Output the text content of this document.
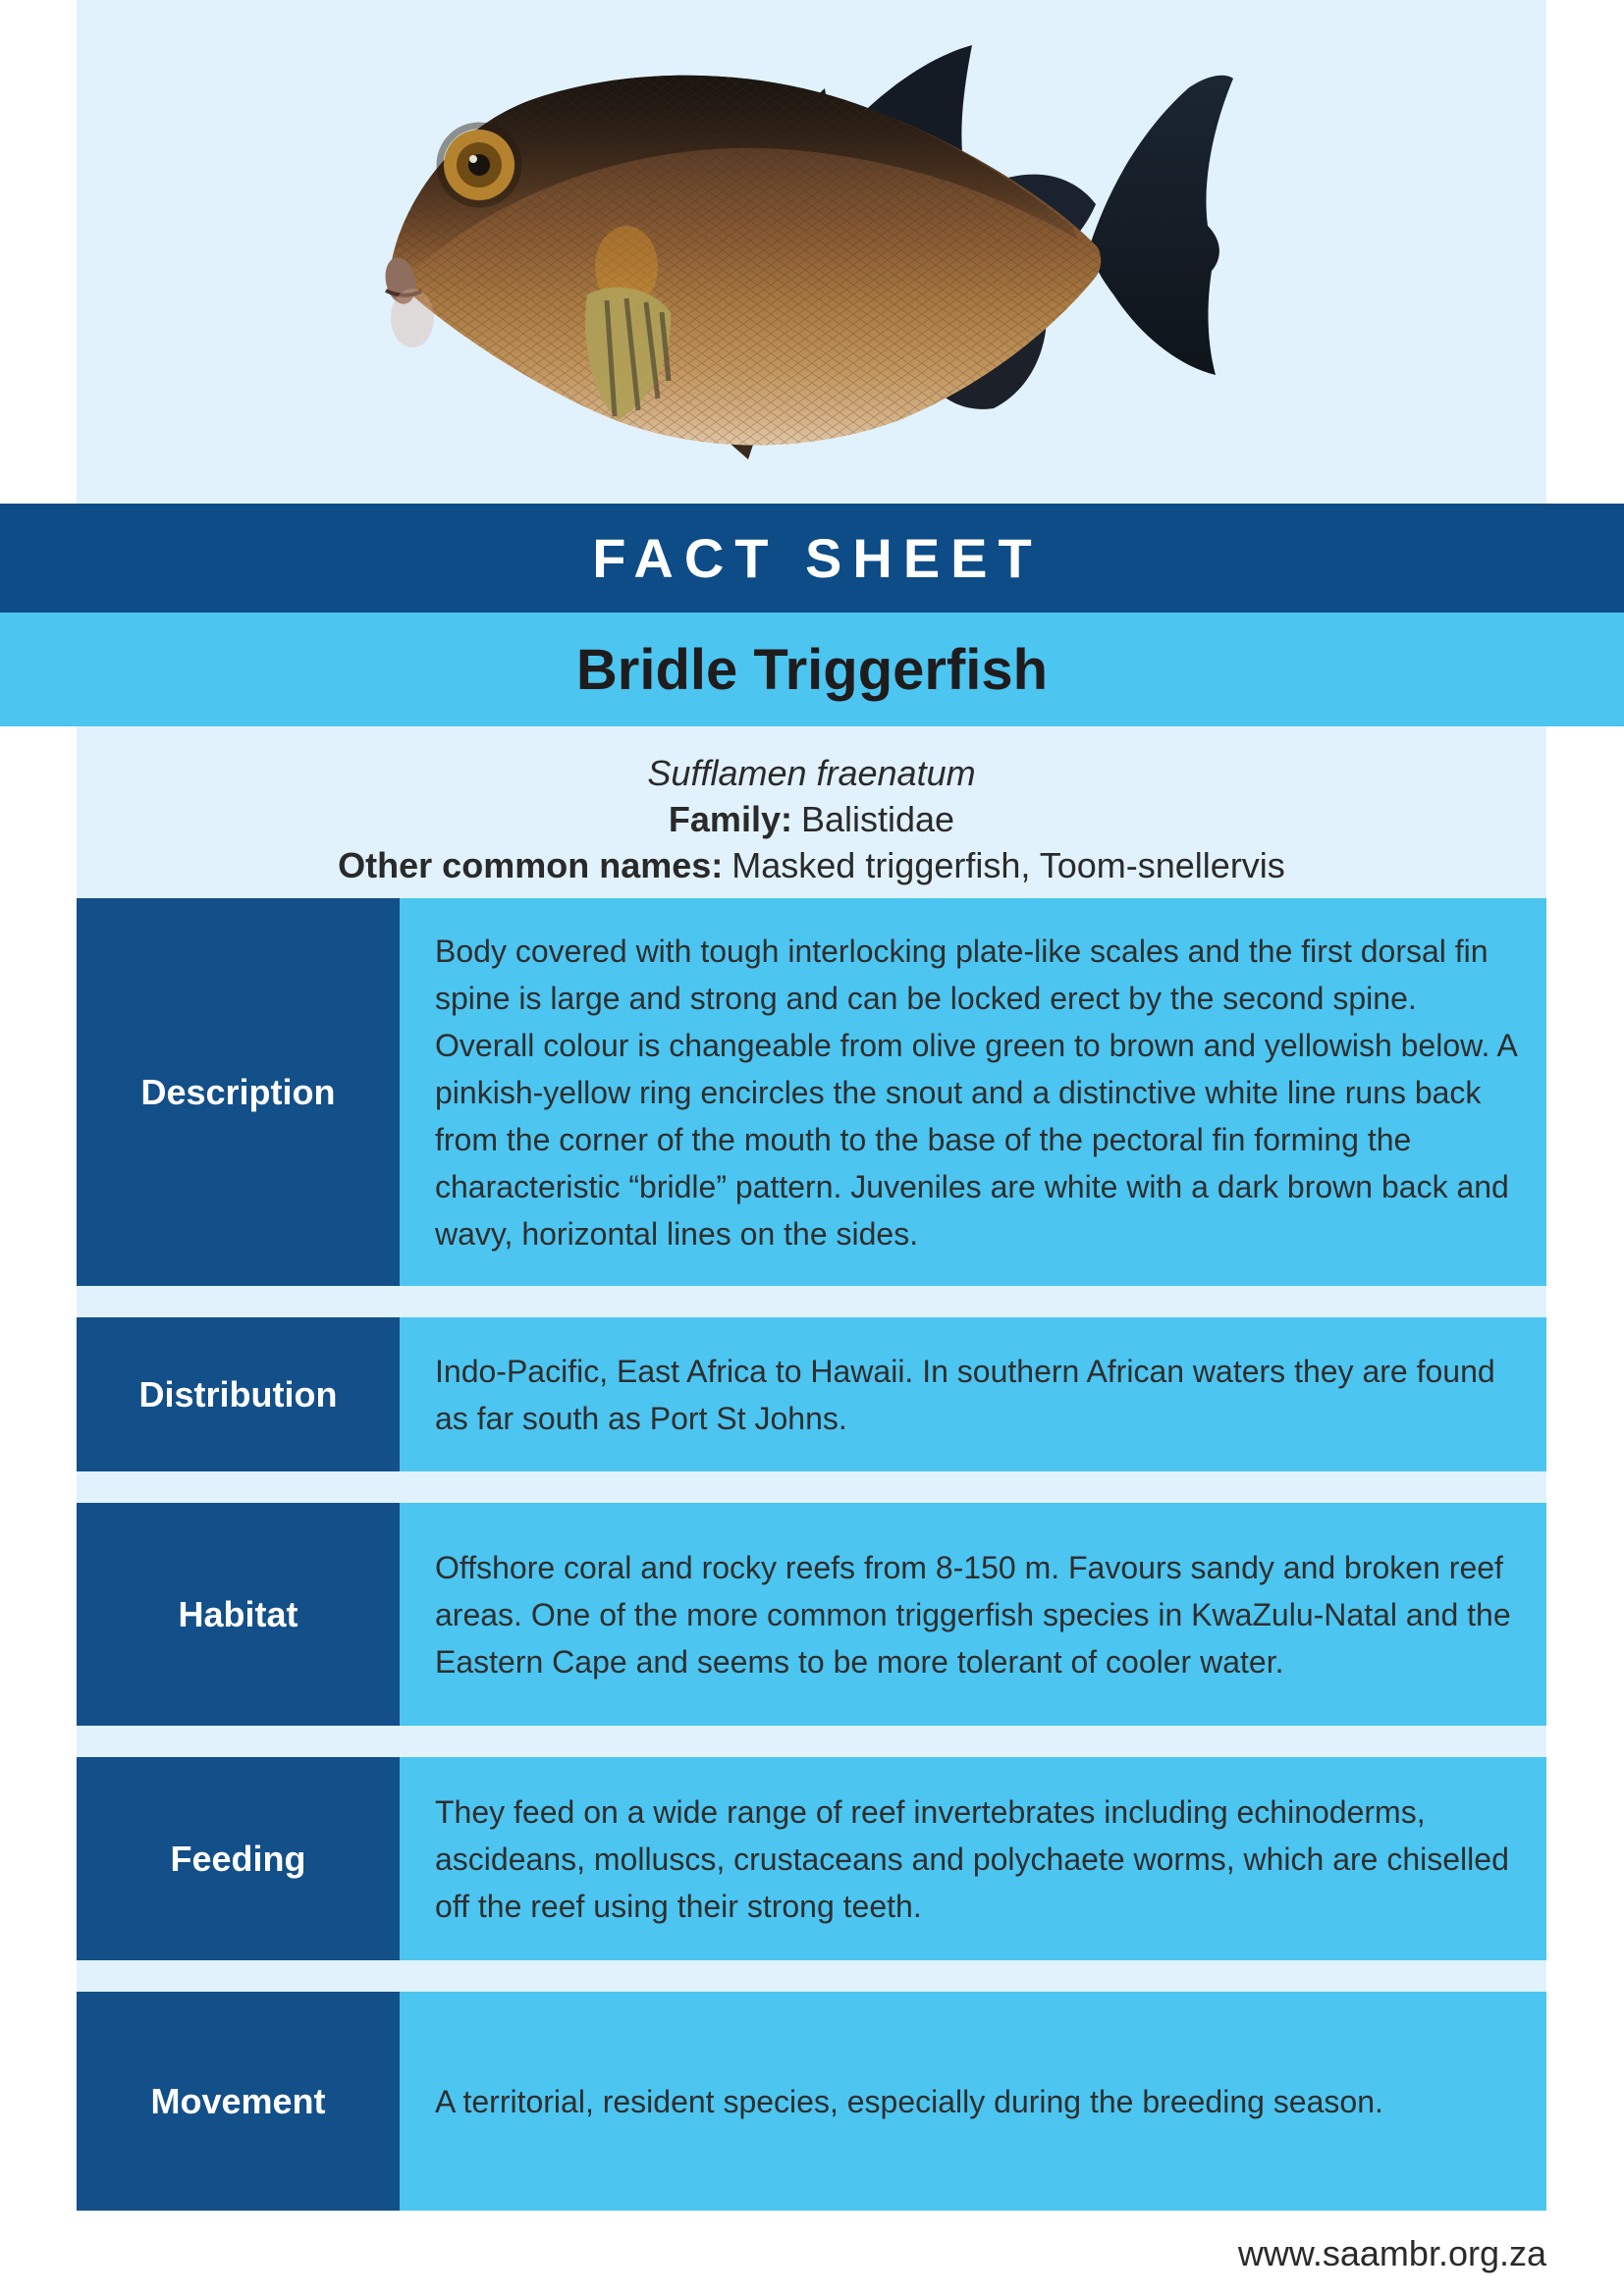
FACT SHEET
Bridle Triggerfish
Sufflamen fraenatum
Family: Balistidae
Other common names: Masked triggerfish, Toom-snellervis
Description
Body covered with tough interlocking plate-like scales and the first dorsal fin spine is large and strong and can be locked erect by the second spine. Overall colour is changeable from olive green to brown and yellowish below. A pinkish-yellow ring encircles the snout and a distinctive white line runs back from the corner of the mouth to the base of the pectoral fin forming the characteristic “bridle” pattern. Juveniles are white with a dark brown back and wavy, horizontal lines on the sides.
Distribution
Indo-Pacific, East Africa to Hawaii. In southern African waters they are found as far south as Port St Johns.
Habitat
Offshore coral and rocky reefs from 8-150 m. Favours sandy and broken reef areas. One of the more common triggerfish species in KwaZulu-Natal and the Eastern Cape and seems to be more tolerant of cooler water.
Feeding
They feed on a wide range of reef invertebrates including echinoderms, ascideans, molluscs, crustaceans and polychaete worms, which are chiselled off the reef using their strong teeth.
Movement	A territorial, resident species, especially during the breeding season.
www.saambr.org.za
